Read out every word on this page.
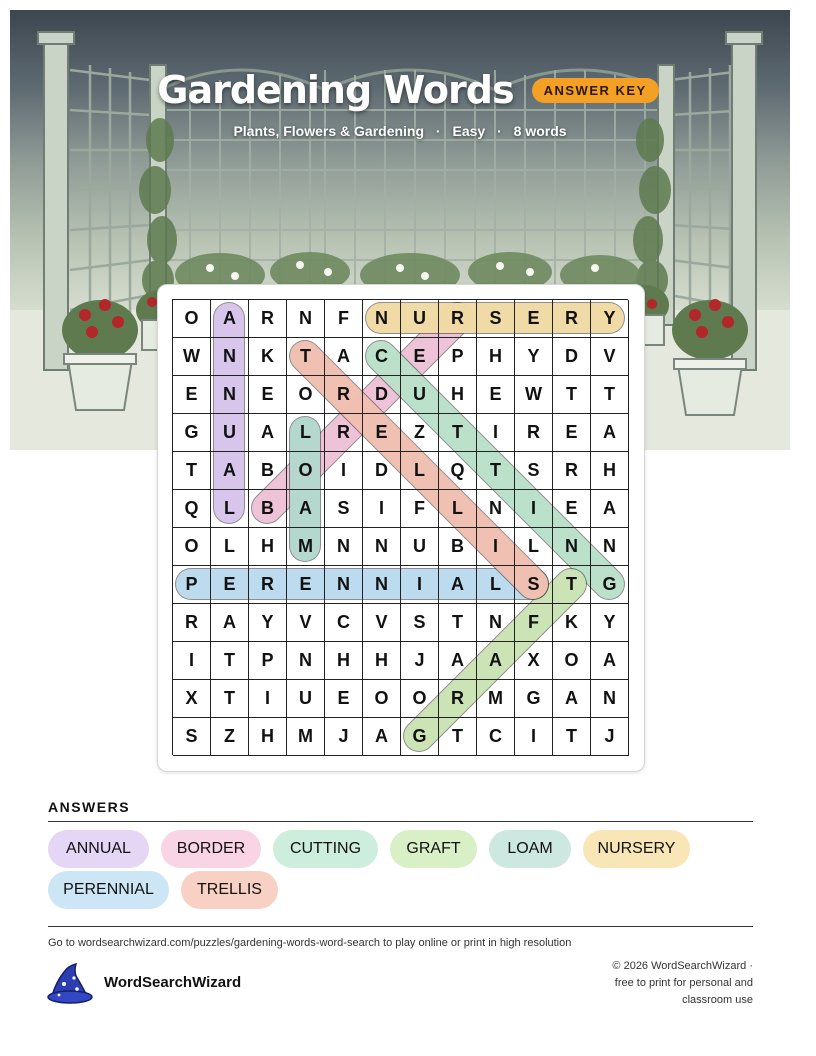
Gardening Words ANSWER KEY
Plants, Flowers & Gardening · Easy · 8 words
O	A	R	N	F	N	U	R	S	E	R	Y
W	N	K	T	A	C	E	P	H	Y	D	V
E	N	E	O	R	D	U	H	E	W	T	T
G	U	A	L	R	E	Z	T	I	R	E	A
T	A	B	O	I	D	L	Q	T	S	R	H
Q	L	B	A	S	I	F	L	N	I	E	A
O	L	H	M	N	N	U	B	I	L	N	N
P	E	R	E	N	N	I	A	L	S	T	G
R	A	Y	V	C	V	S	T	N	F	K	Y
I	T	P	N	H	H	J	A	A	X	O	A
X	T	I	U	E	O	O	R	M	G	A	N
S	Z	H	M	J	A	G	T	C	I	T	J
ANSWERS
ANNUAL	BORDER	CUTTING	GRAFT	LOAM	NURSERY
PERENNIAL	TRELLIS
Go to wordsearchwizard.com/puzzles/gardening-words-word-search to play online or print in high resolution
WordSearchWizard
© 2026 WordSearchWizard ·
free to print for personal and
classroom use
